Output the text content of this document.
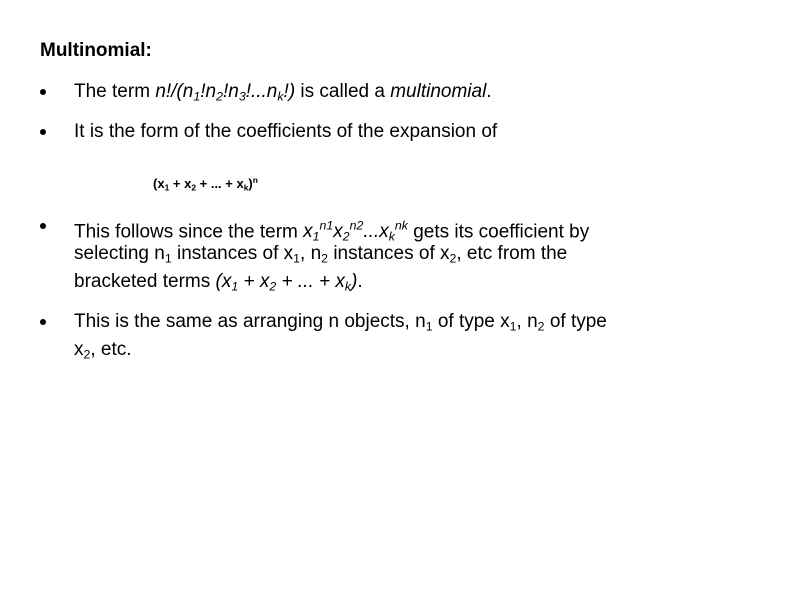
Multinomial:
The term $n!/(n_1!n_2!n_3!...n_k!)$ is called a multinomial.
It is the form of the coefficients of the expansion of
($x_1 + x_2$ + ... + $x_k)^n$
This follows since the term $x_1^{n1}x_2^{n2}...x_k^{nk}$ gets its coefficient by
selecting $n_1$ instances of $x_1$, $n_2$ instances of $x_2$, etc from the
bracketed terms ($x_1 + x_2$ + ... + $x_k$).
This is the same as arranging n objects, $n_1$ of type $x_1$, $n_2$ of type
$x_2$, etc.
